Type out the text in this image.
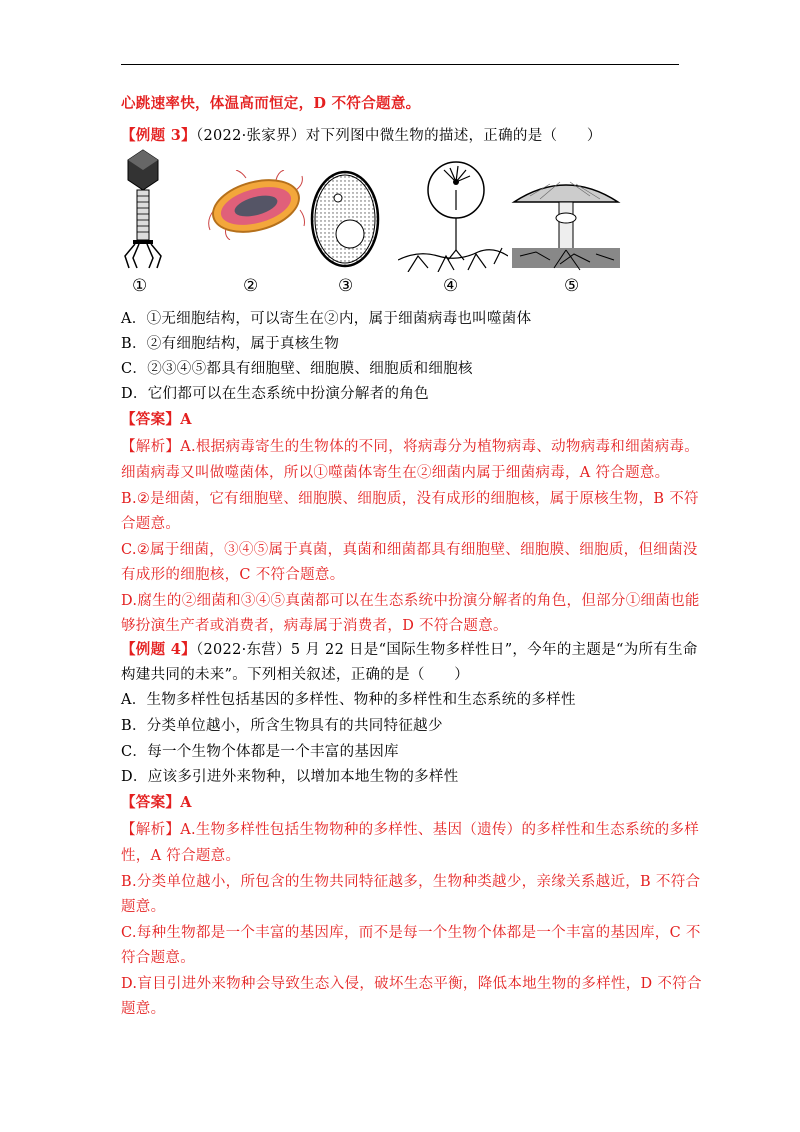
心跳速率快，体温高而恒定，D 不符合题意。
【例题 3】（2022·张家界）对下列图中微生物的描述，正确的是（　　）
①	②	③	④	⑤
A．①无细胞结构，可以寄生在②内，属于细菌病毒也叫噬菌体
B．②有细胞结构，属于真核生物
C．②③④⑤都具有细胞壁、细胞膜、细胞质和细胞核
D．它们都可以在生态系统中扮演分解者的角色
【答案】A
【解析】A.根据病毒寄生的生物体的不同，将病毒分为植物病毒、动物病毒和细菌病毒。
细菌病毒又叫做噬菌体，所以①噬菌体寄生在②细菌内属于细菌病毒，A 符合题意。
B.②是细菌，它有细胞壁、细胞膜、细胞质，没有成形的细胞核，属于原核生物，B 不符
合题意。
C.②属于细菌，③④⑤属于真菌，真菌和细菌都具有细胞壁、细胞膜、细胞质，但细菌没
有成形的细胞核，C 不符合题意。
D.腐生的②细菌和③④⑤真菌都可以在生态系统中扮演分解者的角色，但部分①细菌也能
够扮演生产者或消费者，病毒属于消费者，D 不符合题意。
【例题 4】（2022·东营）5 月 22 日是“国际生物多样性日”，今年的主题是“为所有生命
构建共同的未来”。下列相关叙述，正确的是（　　）
A．生物多样性包括基因的多样性、物种的多样性和生态系统的多样性
B．分类单位越小，所含生物具有的共同特征越少
C．每一个生物个体都是一个丰富的基因库
D．应该多引进外来物种，以增加本地生物的多样性
【答案】A
【解析】A.生物多样性包括生物物种的多样性、基因（遗传）的多样性和生态系统的多样
性，A 符合题意。
B.分类单位越小，所包含的生物共同特征越多，生物种类越少，亲缘关系越近，B 不符合
题意。
C.每种生物都是一个丰富的基因库，而不是每一个生物个体都是一个丰富的基因库，C 不
符合题意。
D.盲目引进外来物种会导致生态入侵，破坏生态平衡，降低本地生物的多样性，D 不符合
题意。
